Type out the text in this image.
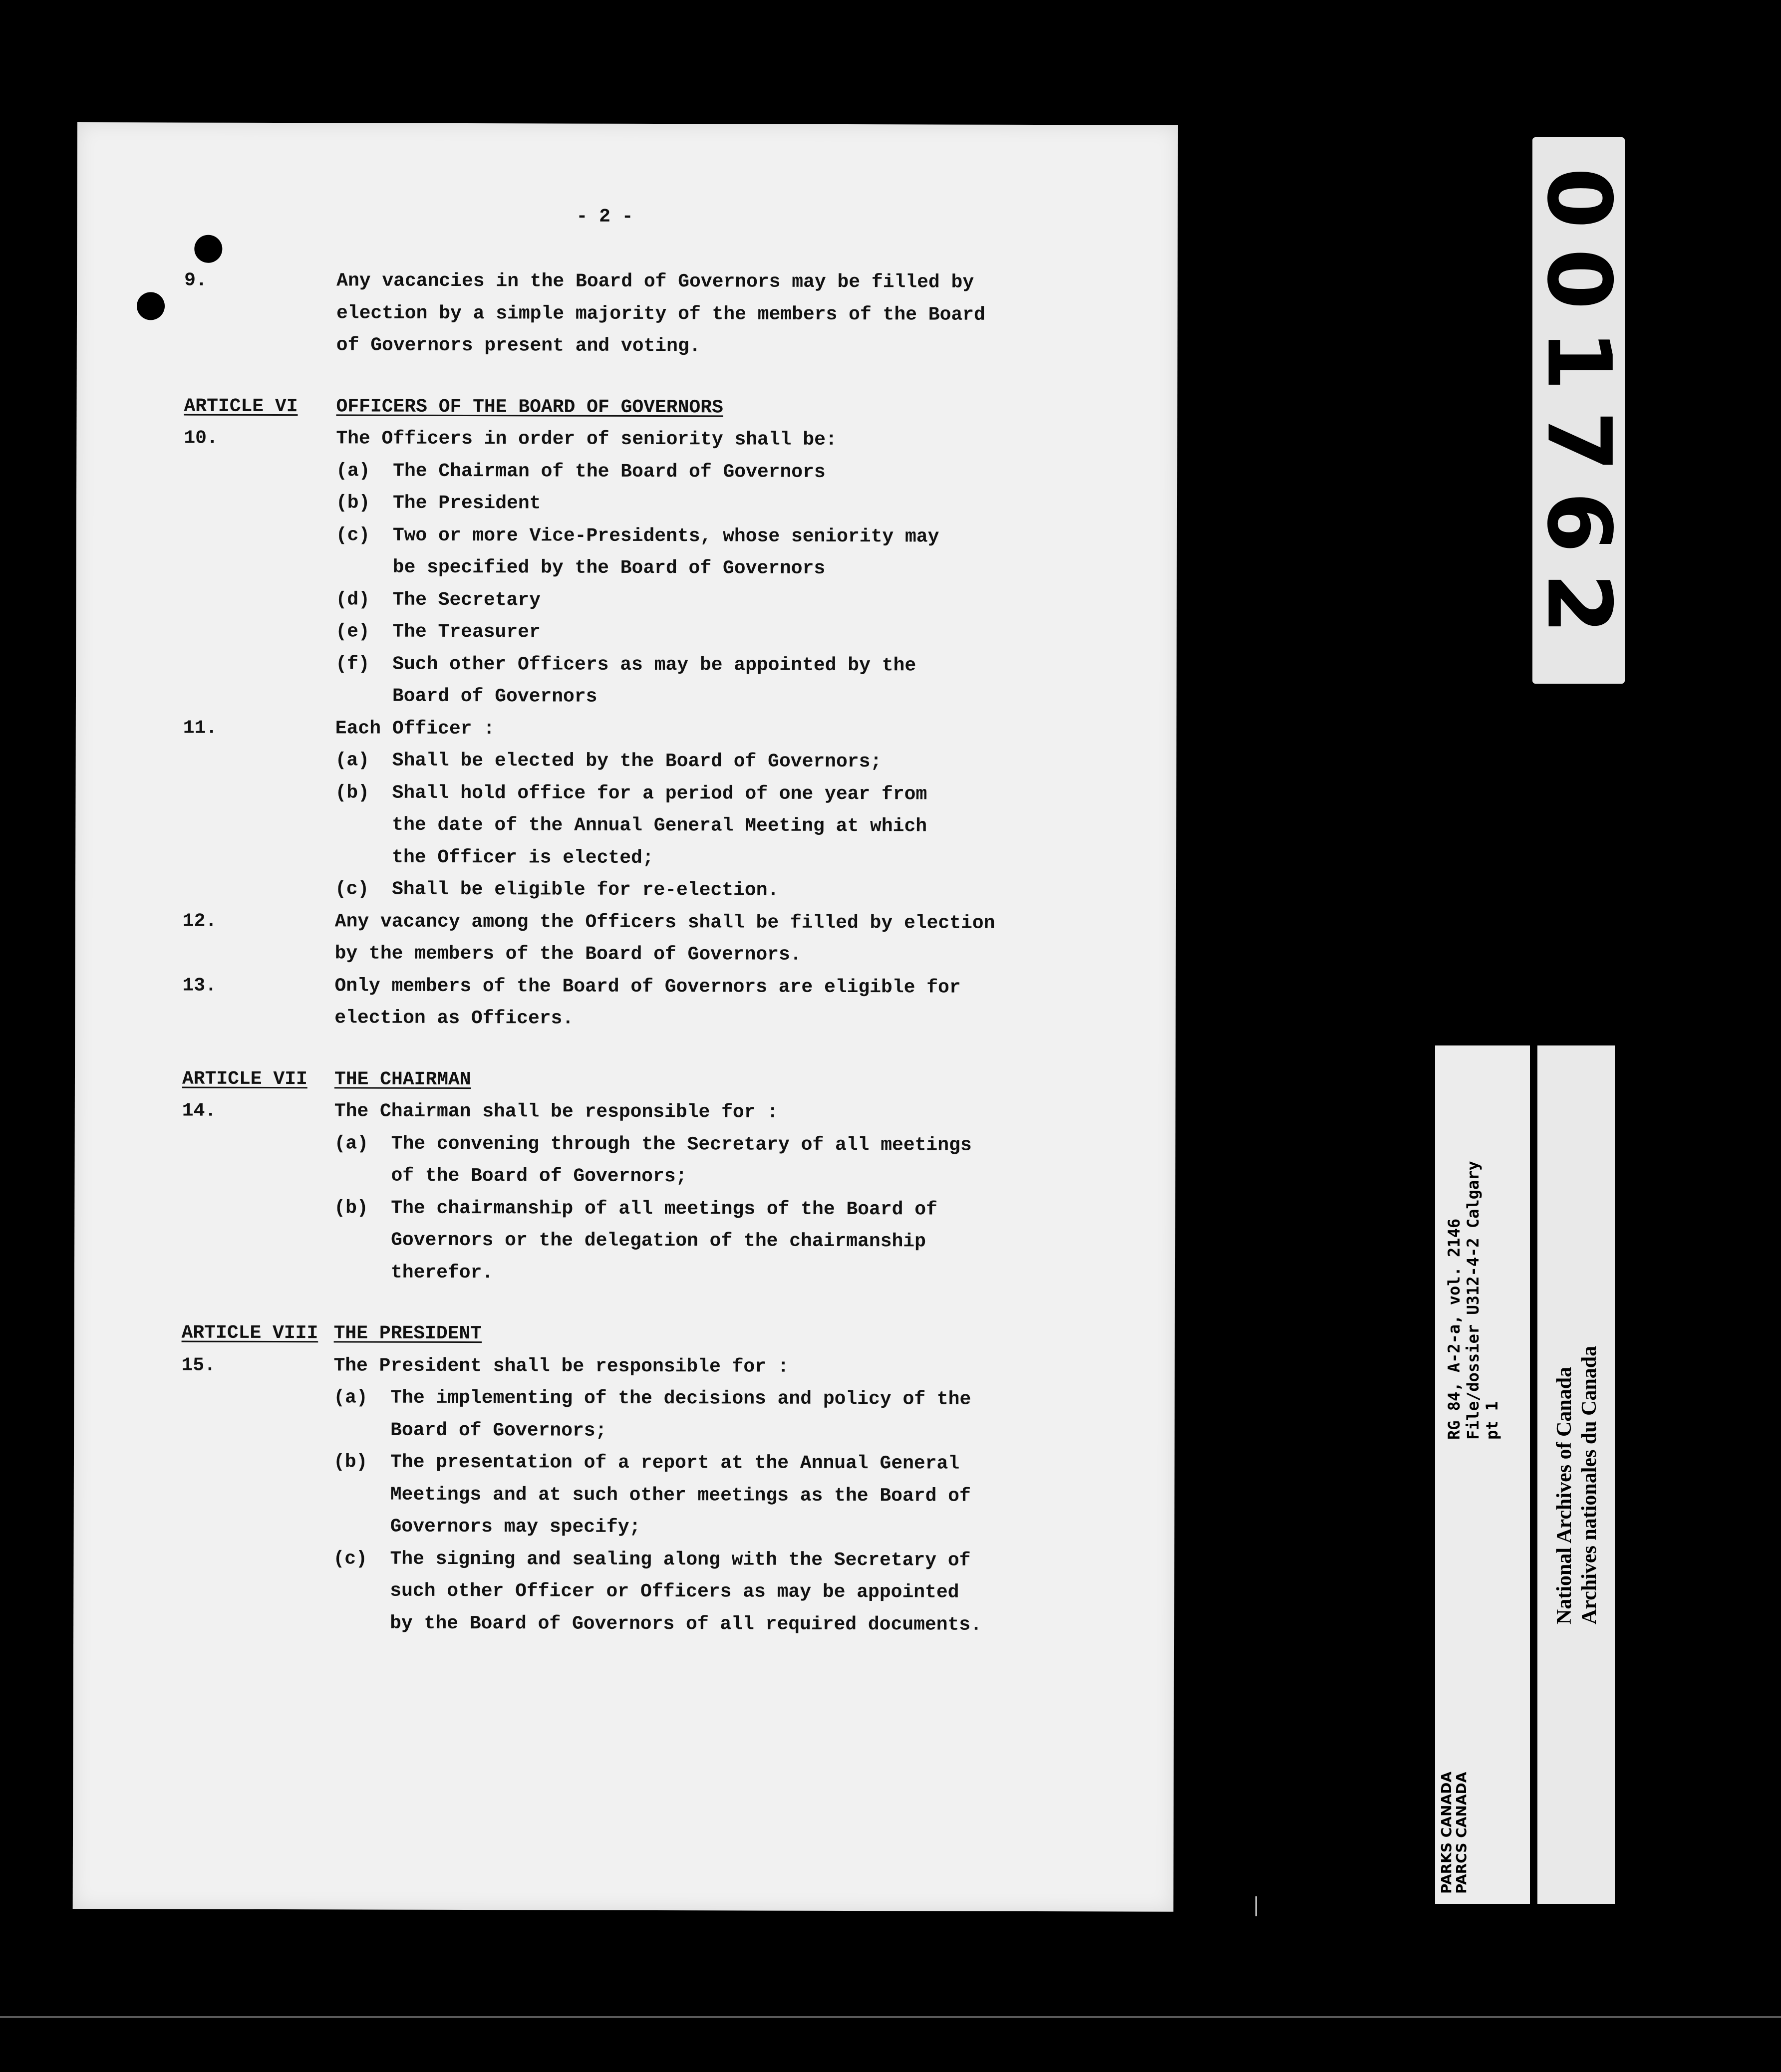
- 2 -
9.	Any vacancies in the Board of Governors may be filled by
election by a simple majority of the members of the Board
of Governors present and voting.
ARTICLE VI OFFICERS OF THE BOARD OF GOVERNORS
10.	The Officers in order of seniority shall be:
(a)  The Chairman of the Board of Governors
(b)  The President
(c)  Two or more Vice-Presidents, whose seniority may
be specified by the Board of Governors
(d)  The Secretary
(e)  The Treasurer
(f)  Such other Officers as may be appointed by the
Board of Governors
11.	Each Officer :
(a)  Shall be elected by the Board of Governors;
(b)  Shall hold office for a period of one year from
the date of the Annual General Meeting at which
the Officer is elected;
(c)  Shall be eligible for re-election.
12.	Any vacancy among the Officers shall be filled by election
by the members of the Board of Governors.
13.	Only members of the Board of Governors are eligible for
election as Officers.
ARTICLE VII THE CHAIRMAN
14.	The Chairman shall be responsible for :
(a)  The convening through the Secretary of all meetings
of the Board of Governors;
(b)  The chairmanship of all meetings of the Board of
Governors or the delegation of the chairmanship
therefor.
ARTICLE VIII THE PRESIDENT
15.	The President shall be responsible for :
(a)  The implementing of the decisions and policy of the
Board of Governors;
(b)  The presentation of a report at the Annual General
Meetings and at such other meetings as the Board of
Governors may specify;
(c)  The signing and sealing along with the Secretary of
such other Officer or Officers as may be appointed
by the Board of Governors of all required documents.
001762
RG 84, A-2-a, vol. 2146 File/dossier U312-4-2 Calgary pt 1
PARKS CANADA
PARCS CANADA
National Archives of Canada Archives nationales du Canada
